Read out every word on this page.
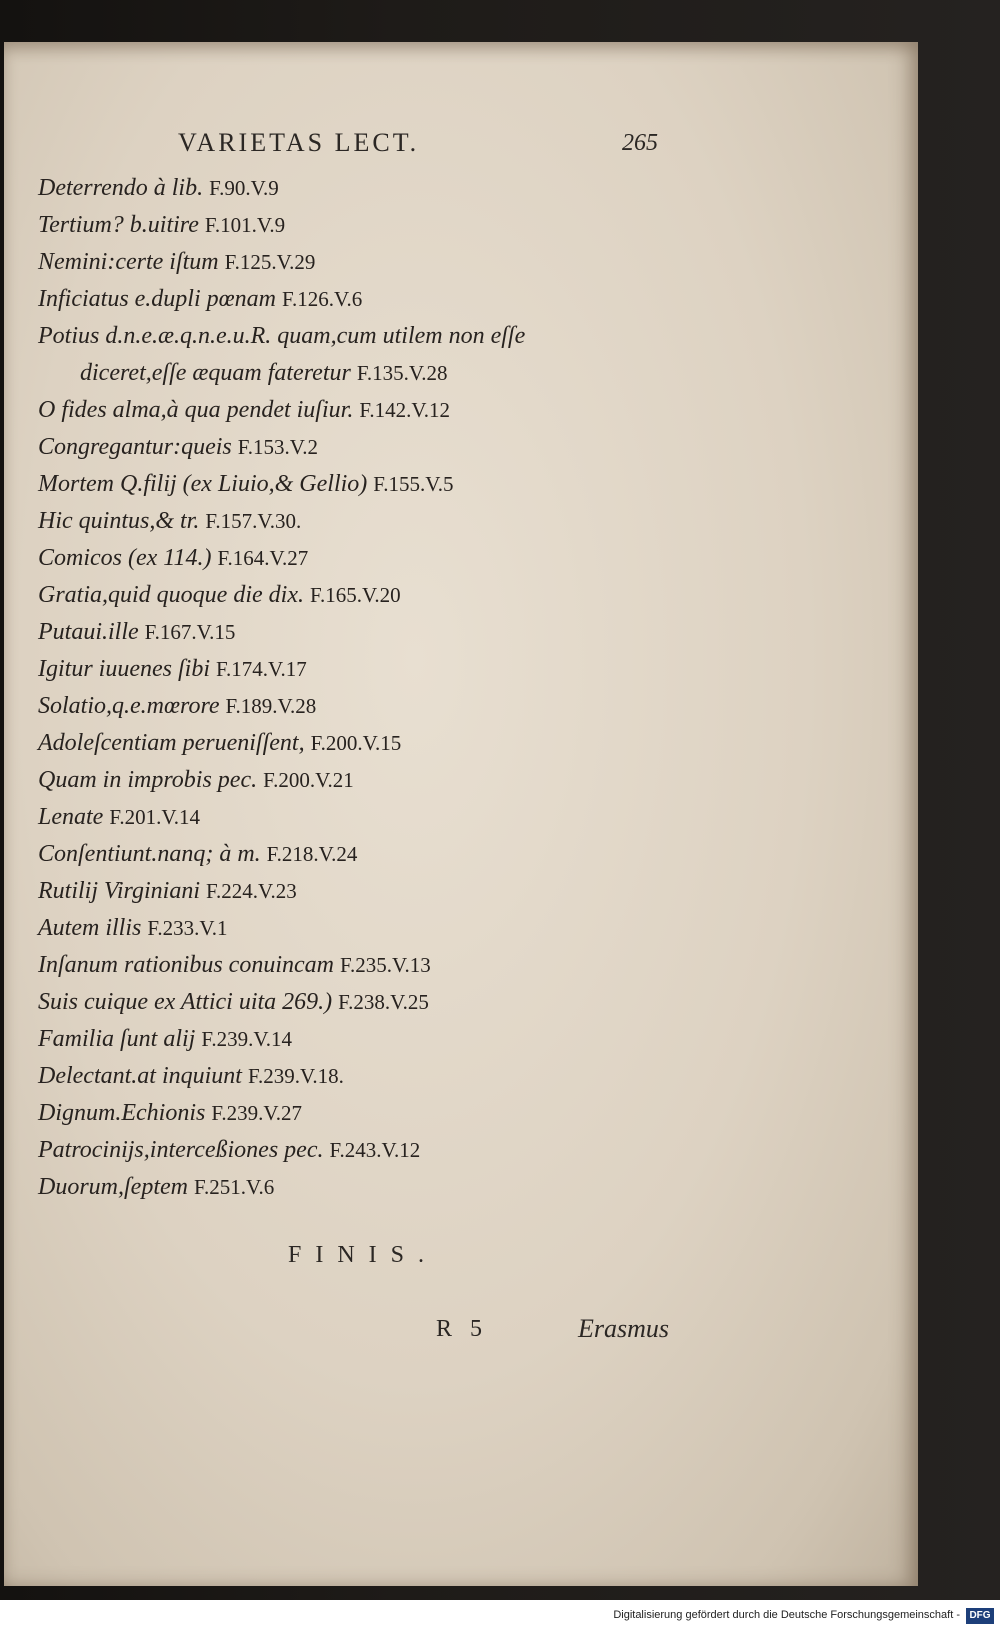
VARIETAS LECT.	265
Deterrendo à lib. F.90.V.9
Tertium? b.uitire F.101.V.9
Nemini:certe iſtum F.125.V.29
Inficiatus e.dupli pœnam F.126.V.6
Potius d.n.e.æ.q.n.e.u.R. quam,cum utilem non eſſe
diceret,eſſe æquam fateretur F.135.V.28
O fides alma,à qua pendet iuſiur. F.142.V.12
Congregantur:queis F.153.V.2
Mortem Q.filij (ex Liuio,& Gellio) F.155.V.5
Hic quintus,& tr. F.157.V.30.
Comicos (ex 114.) F.164.V.27
Gratia,quid quoque die dix. F.165.V.20
Putaui.ille F.167.V.15
Igitur iuuenes ſibi F.174.V.17
Solatio,q.e.mœrore F.189.V.28
Adoleſcentiam perueniſſent, F.200.V.15
Quam in improbis pec. F.200.V.21
Lenate F.201.V.14
Conſentiunt.nanq; à m. F.218.V.24
Rutilij Virginiani F.224.V.23
Autem illis F.233.V.1
Inſanum rationibus conuincam F.235.V.13
Suis cuique ex Attici uita 269.) F.238.V.25
Familia ſunt alij F.239.V.14
Delectant.at inquiunt F.239.V.18.
Dignum.Echionis F.239.V.27
Patrocinijs,interceßiones pec. F.243.V.12
Duorum,ſeptem F.251.V.6
FINIS.
R 5	Erasmus
Digitalisierung gefördert durch die Deutsche Forschungsgemeinschaft - DFG
